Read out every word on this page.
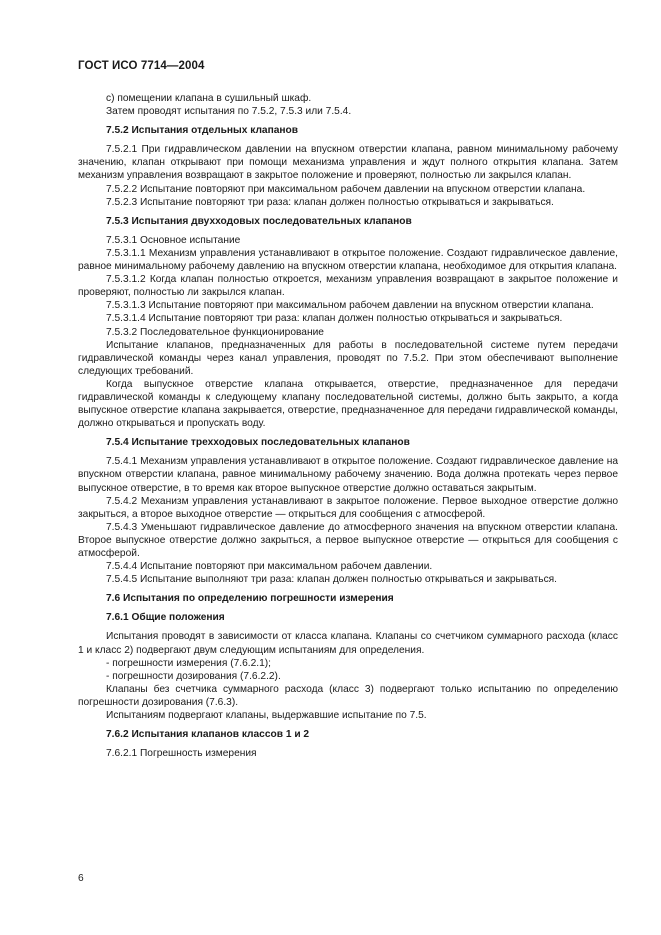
ГОСТ ИСО 7714—2004
с) помещении клапана в сушильный шкаф.
Затем проводят испытания по 7.5.2, 7.5.3 или 7.5.4.
7.5.2 Испытания отдельных клапанов
7.5.2.1 При гидравлическом давлении на впускном отверстии клапана, равном минимальному рабочему значению, клапан открывают при помощи механизма управления и ждут полного открытия клапана. Затем механизм управления возвращают в закрытое положение и проверяют, полностью ли закрылся клапан.
7.5.2.2 Испытание повторяют при максимальном рабочем давлении на впускном отверстии клапана.
7.5.2.3 Испытание повторяют три раза: клапан должен полностью открываться и закрываться.
7.5.3 Испытания двухходовых последовательных клапанов
7.5.3.1 Основное испытание
7.5.3.1.1 Механизм управления устанавливают в открытое положение. Создают гидравлическое давление, равное минимальному рабочему давлению на впускном отверстии клапана, необходимое для открытия клапана.
7.5.3.1.2 Когда клапан полностью откроется, механизм управления возвращают в закрытое положение и проверяют, полностью ли закрылся клапан.
7.5.3.1.3 Испытание повторяют при максимальном рабочем давлении на впускном отверстии клапана.
7.5.3.1.4 Испытание повторяют три раза: клапан должен полностью открываться и закрываться.
7.5.3.2 Последовательное функционирование
Испытание клапанов, предназначенных для работы в последовательной системе путем передачи гидравлической команды через канал управления, проводят по 7.5.2. При этом обеспечивают выполнение следующих требований.
Когда выпускное отверстие клапана открывается, отверстие, предназначенное для передачи гидравлической команды к следующему клапану последовательной системы, должно быть закрыто, а когда выпускное отверстие клапана закрывается, отверстие, предназначенное для передачи гидравлической команды, должно открываться и пропускать воду.
7.5.4 Испытание трехходовых последовательных клапанов
7.5.4.1 Механизм управления устанавливают в открытое положение. Создают гидравлическое давление на впускном отверстии клапана, равное минимальному рабочему значению. Вода должна протекать через первое выпускное отверстие, в то время как второе выпускное отверстие должно оставаться закрытым.
7.5.4.2 Механизм управления устанавливают в закрытое положение. Первое выходное отверстие должно закрыться, а второе выходное отверстие — открыться для сообщения с атмосферой.
7.5.4.3 Уменьшают гидравлическое давление до атмосферного значения на впускном отверстии клапана. Второе выпускное отверстие должно закрыться, а первое выпускное отверстие — открыться для сообщения с атмосферой.
7.5.4.4 Испытание повторяют при максимальном рабочем давлении.
7.5.4.5 Испытание выполняют три раза: клапан должен полностью открываться и закрываться.
7.6 Испытания по определению погрешности измерения
7.6.1 Общие положения
Испытания проводят в зависимости от класса клапана. Клапаны со счетчиком суммарного расхода (класс 1 и класс 2) подвергают двум следующим испытаниям для определения.
- погрешности измерения (7.6.2.1);
- погрешности дозирования (7.6.2.2).
Клапаны без счетчика суммарного расхода (класс 3) подвергают только испытанию по определению погрешности дозирования (7.6.3).
Испытаниям подвергают клапаны, выдержавшие испытание по 7.5.
7.6.2 Испытания клапанов классов 1 и 2
7.6.2.1 Погрешность измерения
6
